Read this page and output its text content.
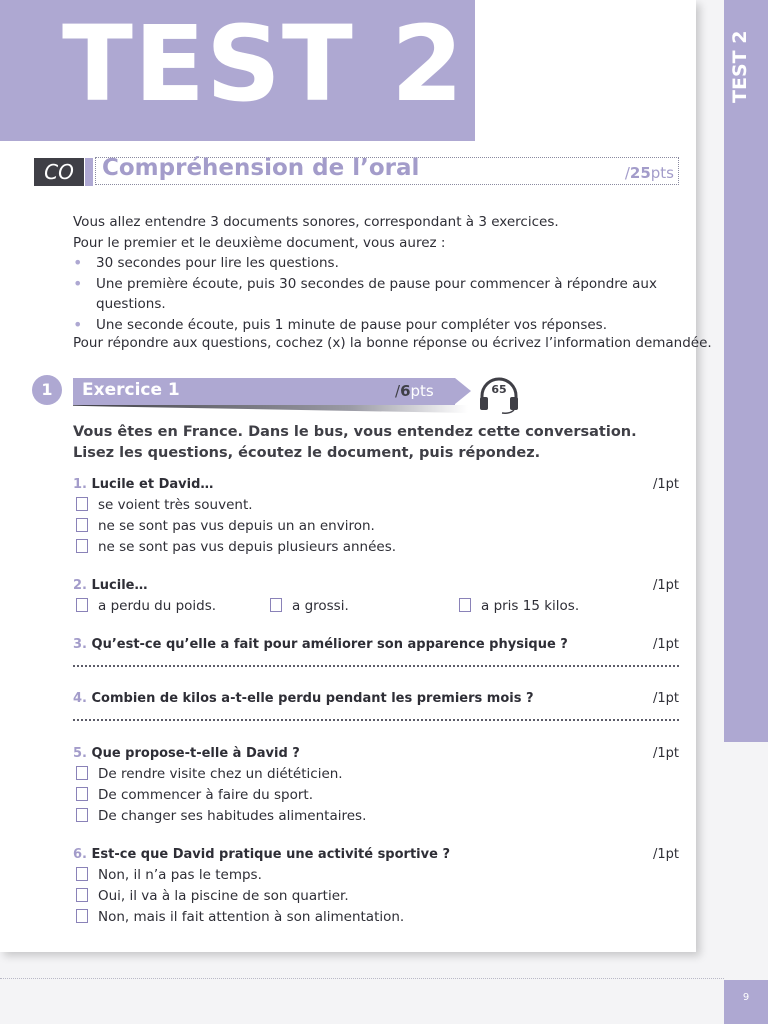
TEST 2	TEST 2
9
CO	Compréhension de l’oral	/25pts

Vous allez entendre 3 documents sonores, correspondant à 3 exercices.

Pour le premier et le deuxième document, vous aurez :

• 30 secondes pour lire les questions.
• Une première écoute, puis 30 secondes de pause pour commencer à répondre aux questions.
• Une seconde écoute, puis 1 minute de pause pour compléter vos réponses.
Pour répondre aux questions, cochez (x) la bonne réponse ou écrivez l’information demandée.
1	Exercice 1	/6pts	65
Vous êtes en France. Dans le bus, vous entendez cette conversation.
Lisez les questions, écoutez le document, puis répondez.
1. Lucile et David…	/1pt
se voient très souvent.
ne se sont pas vus depuis un an environ.
ne se sont pas vus depuis plusieurs années.
2. Lucile…	/1pt
a perdu du poids.	a grossi.	a pris 15 kilos.
3. Qu’est-ce qu’elle a fait pour améliorer son apparence physique ?	/1pt
4. Combien de kilos a-t-elle perdu pendant les premiers mois ?	/1pt
5. Que propose-t-elle à David ?	/1pt
De rendre visite chez un diététicien.
De commencer à faire du sport.
De changer ses habitudes alimentaires.
6. Est-ce que David pratique une activité sportive ?	/1pt
Non, il n’a pas le temps.
Oui, il va à la piscine de son quartier.
Non, mais il fait attention à son alimentation.
